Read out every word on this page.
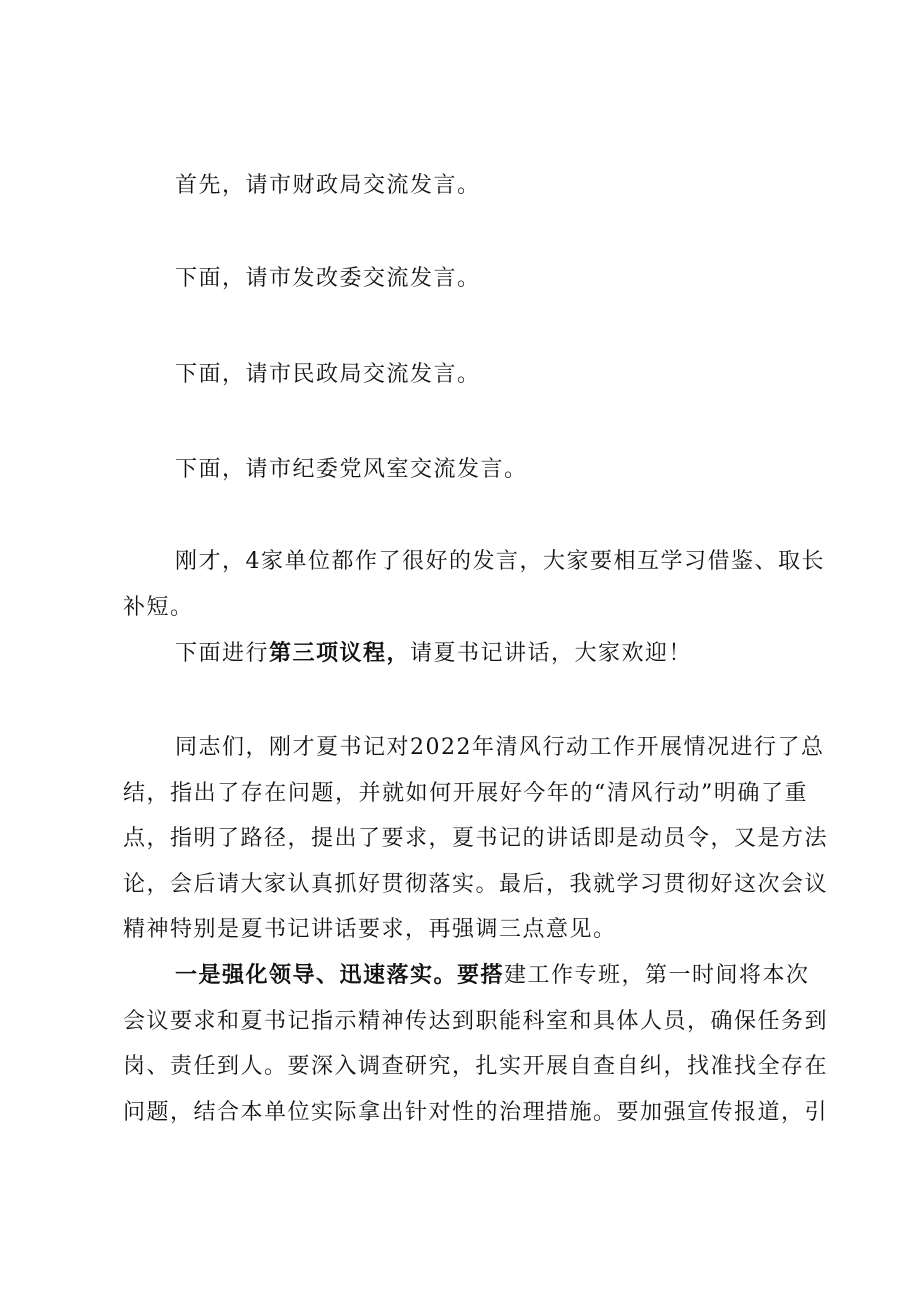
首先，请市财政局交流发言。
下面，请市发改委交流发言。
下面，请市民政局交流发言。
下面，请市纪委党风室交流发言。
刚才，4家单位都作了很好的发言，大家要相互学习借鉴、取长
补短。
下面进行第三项议程，请夏书记讲话，大家欢迎！
同志们，刚才夏书记对2022年清风行动工作开展情况进行了总
结，指出了存在问题，并就如何开展好今年的“清风行动”明确了重
点，指明了路径，提出了要求，夏书记的讲话即是动员令，又是方法
论，会后请大家认真抓好贯彻落实。最后，我就学习贯彻好这次会议
精神特别是夏书记讲话要求，再强调三点意见。
一是强化领导、迅速落实。要搭建工作专班，第一时间将本次
会议要求和夏书记指示精神传达到职能科室和具体人员，确保任务到
岗、责任到人。要深入调查研究，扎实开展自查自纠，找准找全存在
问题，结合本单位实际拿出针对性的治理措施。要加强宣传报道，引
